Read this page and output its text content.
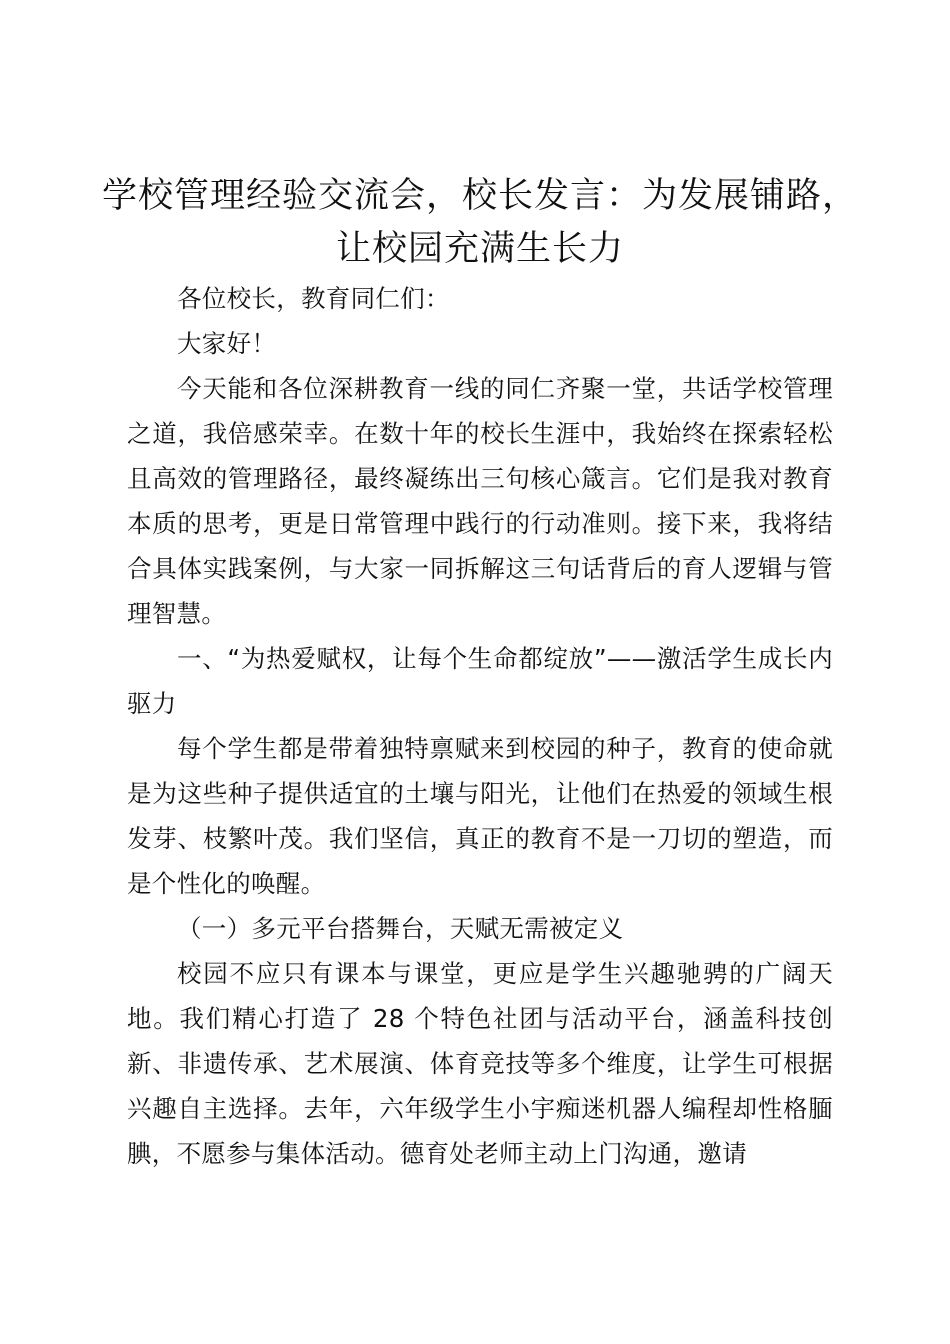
学校管理经验交流会，校长发言：为发展铺路，让校园充满生长力

各位校长，教育同仁们：

大家好！

今天能和各位深耕教育一线的同仁齐聚一堂，共话学校管理之道，我倍感荣幸。在数十年的校长生涯中，我始终在探索轻松且高效的管理路径，最终凝练出三句核心箴言。它们是我对教育本质的思考，更是日常管理中践行的行动准则。接下来，我将结合具体实践案例，与大家一同拆解这三句话背后的育人逻辑与管理智慧。

一、“为热爱赋权，让每个生命都绽放”——激活学生成长内驱力

每个学生都是带着独特禀赋来到校园的种子，教育的使命就是为这些种子提供适宜的土壤与阳光，让他们在热爱的领域生根发芽、枝繁叶茂。我们坚信，真正的教育不是一刀切的塑造，而是个性化的唤醒。

（一）多元平台搭舞台，天赋无需被定义

校园不应只有课本与课堂，更应是学生兴趣驰骋的广阔天地。我们精心打造了 28 个特色社团与活动平台，涵盖科技创新、非遗传承、艺术展演、体育竞技等多个维度，让学生可根据兴趣自主选择。去年，六年级学生小宇痴迷机器人编程却性格腼腆，不愿参与集体活动。德育处老师主动上门沟通，邀请
